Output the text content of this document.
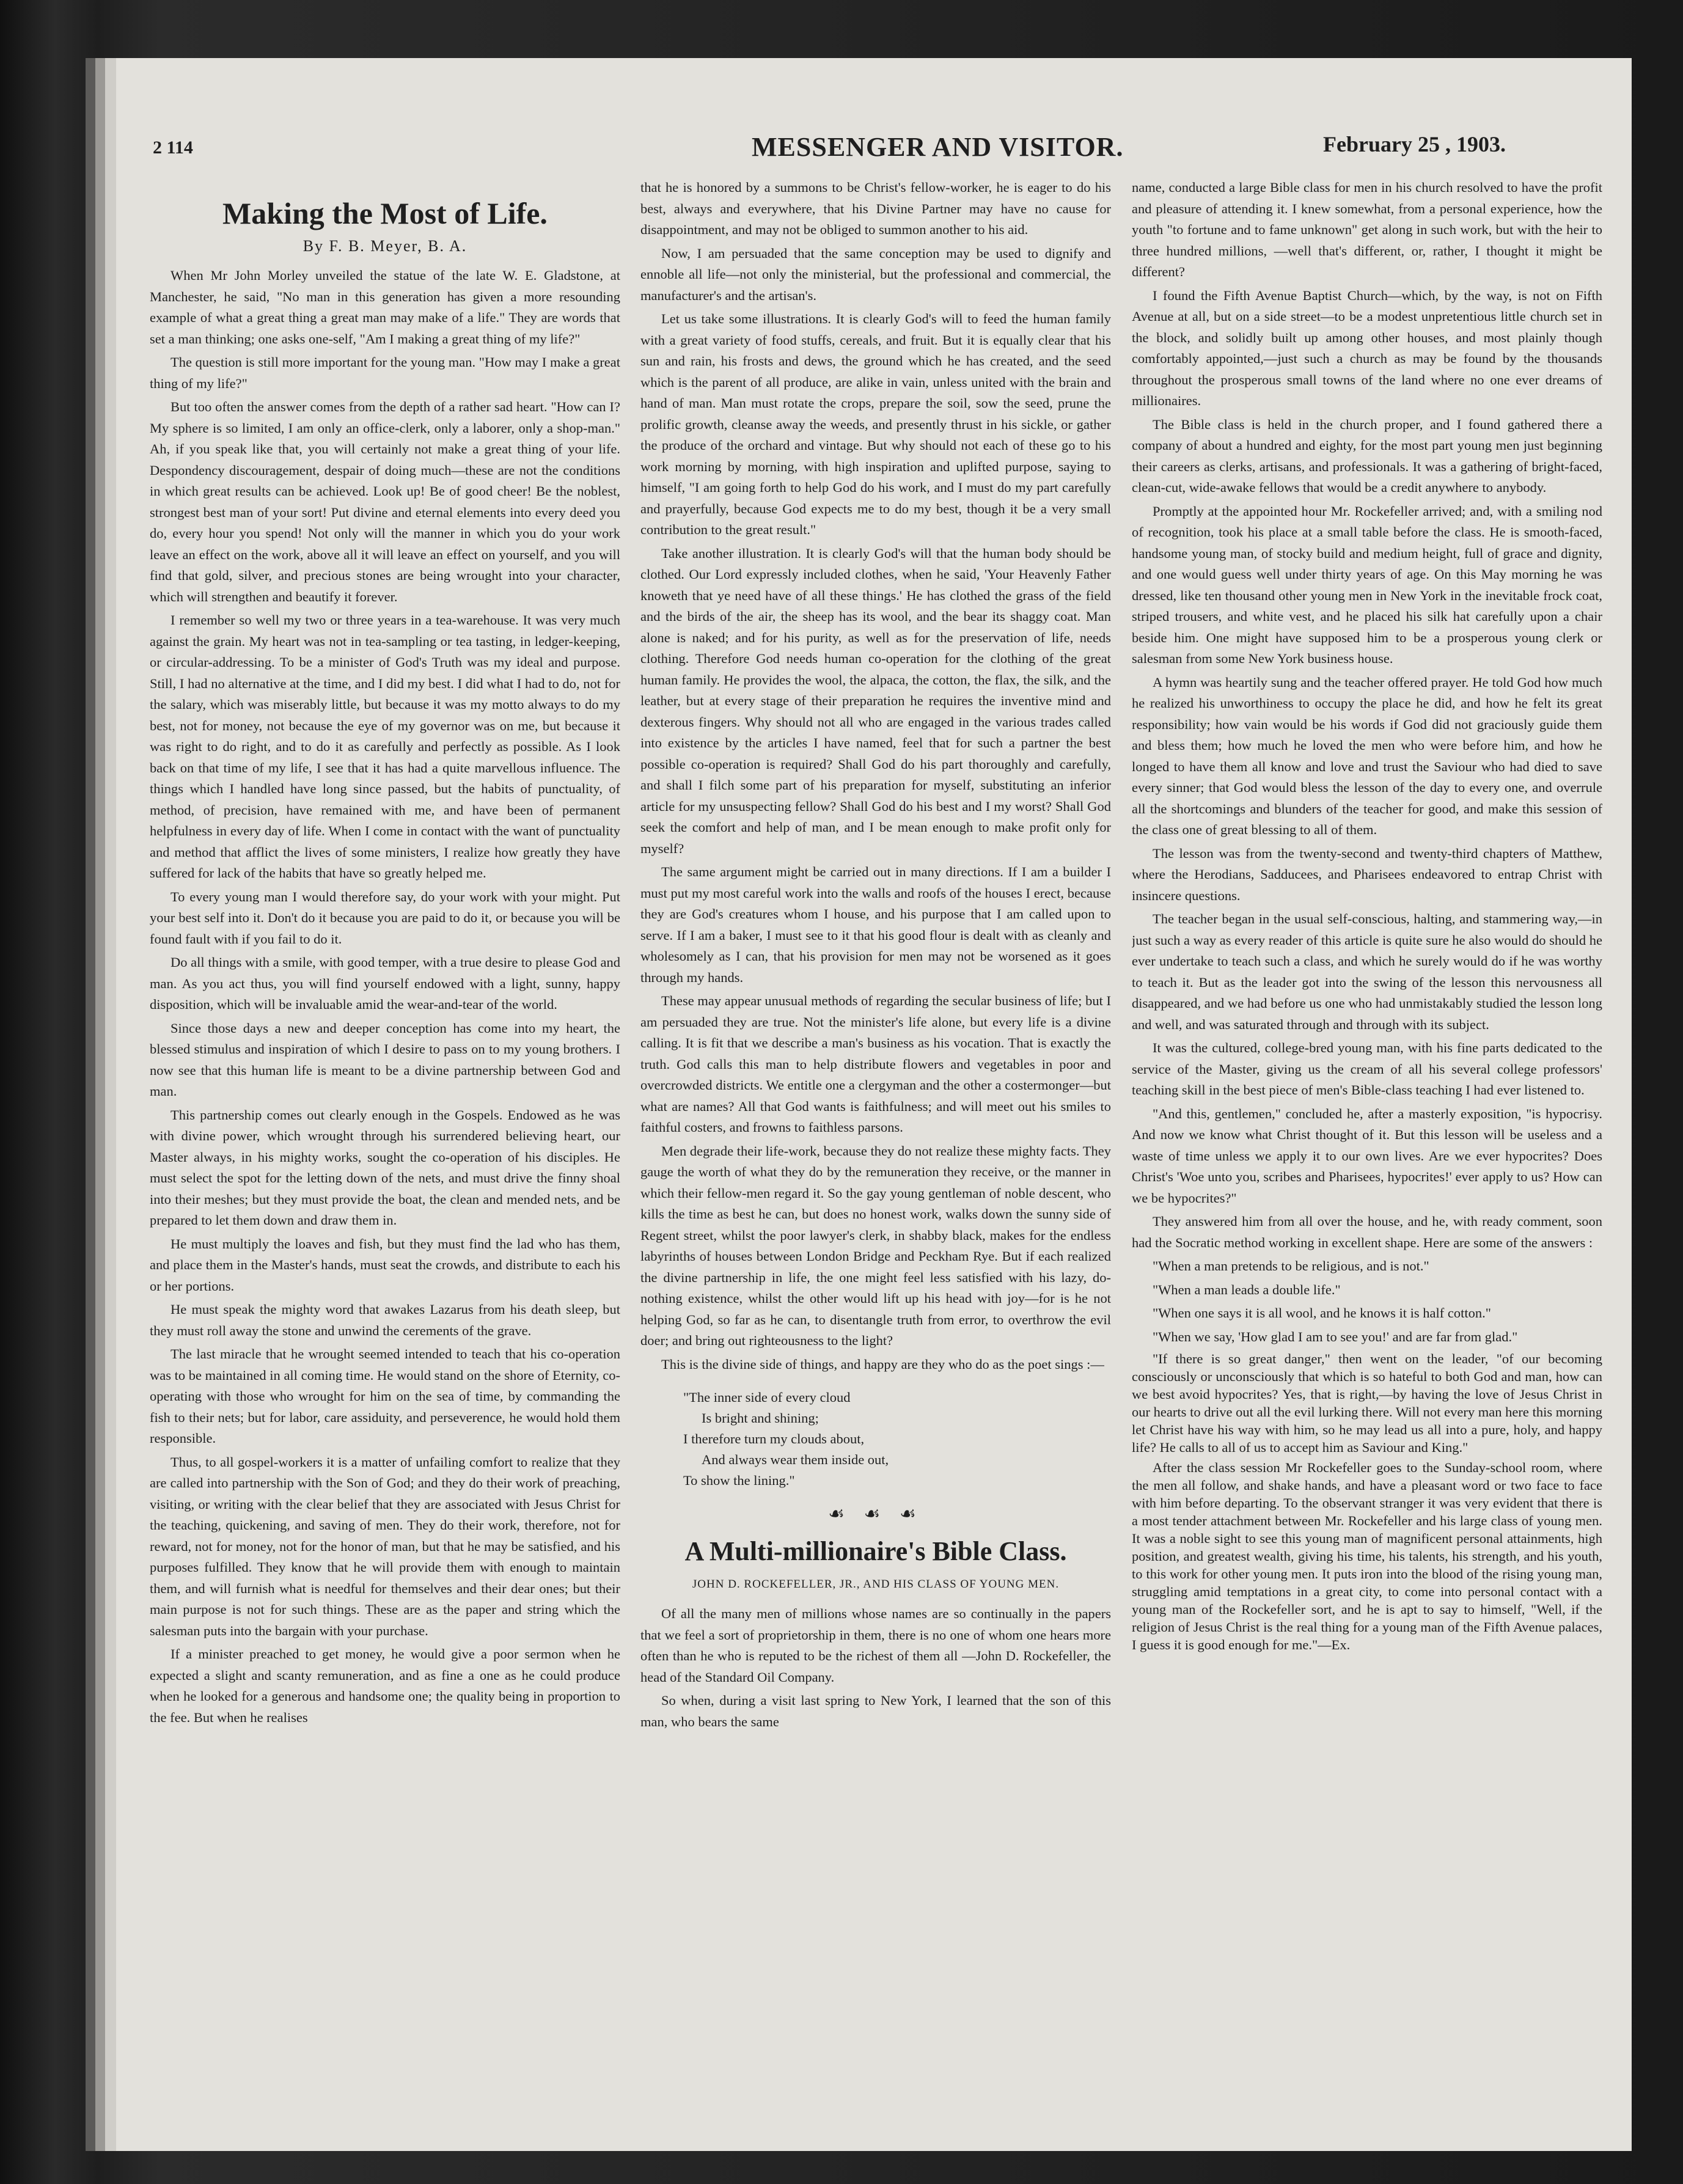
2 114	MESSENGER AND VISITOR.	February 25 , 1903.
Making the Most of Life.
By F. B. Meyer, B. A.

When Mr John Morley unveiled the statue of the late W. E. Gladstone, at Manchester, he said, "No man in this generation has given a more resounding example of what a great thing a great man may make of a life." They are words that set a man thinking; one asks one-self, "Am I making a great thing of my life?"

The question is still more important for the young man. "How may I make a great thing of my life?"

But too often the answer comes from the depth of a rather sad heart. "How can I? My sphere is so limited, I am only an office-clerk, only a laborer, only a shop-man." Ah, if you speak like that, you will certainly not make a great thing of your life. Despondency discouragement, despair of doing much—these are not the conditions in which great results can be achieved. Look up! Be of good cheer! Be the noblest, strongest best man of your sort! Put divine and eternal elements into every deed you do, every hour you spend! Not only will the manner in which you do your work leave an effect on the work, above all it will leave an effect on yourself, and you will find that gold, silver, and precious stones are being wrought into your character, which will strengthen and beautify it forever.

I remember so well my two or three years in a tea-warehouse. It was very much against the grain. My heart was not in tea-sampling or tea tasting, in ledger-keeping, or circular-addressing. To be a minister of God's Truth was my ideal and purpose. Still, I had no alternative at the time, and I did my best. I did what I had to do, not for the salary, which was miserably little, but because it was my motto always to do my best, not for money, not because the eye of my governor was on me, but because it was right to do right, and to do it as carefully and perfectly as possible. As I look back on that time of my life, I see that it has had a quite marvellous influence. The things which I handled have long since passed, but the habits of punctuality, of method, of precision, have remained with me, and have been of permanent helpfulness in every day of life. When I come in contact with the want of punctuality and method that afflict the lives of some ministers, I realize how greatly they have suffered for lack of the habits that have so greatly helped me.

To every young man I would therefore say, do your work with your might. Put your best self into it. Don't do it because you are paid to do it, or because you will be found fault with if you fail to do it.

Do all things with a smile, with good temper, with a true desire to please God and man. As you act thus, you will find yourself endowed with a light, sunny, happy disposition, which will be invaluable amid the wear-and-tear of the world.

Since those days a new and deeper conception has come into my heart, the blessed stimulus and inspiration of which I desire to pass on to my young brothers. I now see that this human life is meant to be a divine partnership between God and man.

This partnership comes out clearly enough in the Gospels. Endowed as he was with divine power, which wrought through his surrendered believing heart, our Master always, in his mighty works, sought the co-operation of his disciples. He must select the spot for the letting down of the nets, and must drive the finny shoal into their meshes; but they must provide the boat, the clean and mended nets, and be prepared to let them down and draw them in.

He must multiply the loaves and fish, but they must find the lad who has them, and place them in the Master's hands, must seat the crowds, and distribute to each his or her portions.

He must speak the mighty word that awakes Lazarus from his death sleep, but they must roll away the stone and unwind the cerements of the grave.

The last miracle that he wrought seemed intended to teach that his co-operation was to be maintained in all coming time. He would stand on the shore of Eternity, co-operating with those who wrought for him on the sea of time, by commanding the fish to their nets; but for labor, care assiduity, and perseverence, he would hold them responsible.

Thus, to all gospel-workers it is a matter of unfailing comfort to realize that they are called into partnership with the Son of God; and they do their work of preaching, visiting, or writing with the clear belief that they are associated with Jesus Christ for the teaching, quickening, and saving of men. They do their work, therefore, not for reward, not for money, not for the honor of man, but that he may be satisfied, and his purposes fulfilled. They know that he will provide them with enough to maintain them, and will furnish what is needful for themselves and their dear ones; but their main purpose is not for such things. These are as the paper and string which the salesman puts into the bargain with your purchase.

If a minister preached to get money, he would give a poor sermon when he expected a slight and scanty remuneration, and as fine a one as he could produce when he looked for a generous and handsome one; the quality being in proportion to the fee. But when he realises

that he is honored by a summons to be Christ's fellow-worker, he is eager to do his best, always and everywhere, that his Divine Partner may have no cause for disappointment, and may not be obliged to summon another to his aid.

Now, I am persuaded that the same conception may be used to dignify and ennoble all life—not only the ministerial, but the professional and commercial, the manufacturer's and the artisan's.

Let us take some illustrations. It is clearly God's will to feed the human family with a great variety of food stuffs, cereals, and fruit. But it is equally clear that his sun and rain, his frosts and dews, the ground which he has created, and the seed which is the parent of all produce, are alike in vain, unless united with the brain and hand of man. Man must rotate the crops, prepare the soil, sow the seed, prune the prolific growth, cleanse away the weeds, and presently thrust in his sickle, or gather the produce of the orchard and vintage. But why should not each of these go to his work morning by morning, with high inspiration and uplifted purpose, saying to himself, "I am going forth to help God do his work, and I must do my part carefully and prayerfully, because God expects me to do my best, though it be a very small contribution to the great result."

Take another illustration. It is clearly God's will that the human body should be clothed. Our Lord expressly included clothes, when he said, 'Your Heavenly Father knoweth that ye need have of all these things.' He has clothed the grass of the field and the birds of the air, the sheep has its wool, and the bear its shaggy coat. Man alone is naked; and for his purity, as well as for the preservation of life, needs clothing. Therefore God needs human co-operation for the clothing of the great human family. He provides the wool, the alpaca, the cotton, the flax, the silk, and the leather, but at every stage of their preparation he requires the inventive mind and dexterous fingers. Why should not all who are engaged in the various trades called into existence by the articles I have named, feel that for such a partner the best possible co-operation is required? Shall God do his part thoroughly and carefully, and shall I filch some part of his preparation for myself, substituting an inferior article for my unsuspecting fellow? Shall God do his best and I my worst? Shall God seek the comfort and help of man, and I be mean enough to make profit only for myself?

The same argument might be carried out in many directions. If I am a builder I must put my most careful work into the walls and roofs of the houses I erect, because they are God's creatures whom I house, and his purpose that I am called upon to serve. If I am a baker, I must see to it that his good flour is dealt with as cleanly and wholesomely as I can, that his provision for men may not be worsened as it goes through my hands.

These may appear unusual methods of regarding the secular business of life; but I am persuaded they are true. Not the minister's life alone, but every life is a divine calling. It is fit that we describe a man's business as his vocation. That is exactly the truth. God calls this man to help distribute flowers and vegetables in poor and overcrowded districts. We entitle one a clergyman and the other a costermonger—but what are names? All that God wants is faithfulness; and will meet out his smiles to faithful costers, and frowns to faithless parsons.

Men degrade their life-work, because they do not realize these mighty facts. They gauge the worth of what they do by the remuneration they receive, or the manner in which their fellow-men regard it. So the gay young gentleman of noble descent, who kills the time as best he can, but does no honest work, walks down the sunny side of Regent street, whilst the poor lawyer's clerk, in shabby black, makes for the endless labyrinths of houses between London Bridge and Peckham Rye. But if each realized the divine partnership in life, the one might feel less satisfied with his lazy, do-nothing existence, whilst the other would lift up his head with joy—for is he not helping God, so far as he can, to disentangle truth from error, to overthrow the evil doer; and bring out righteousness to the light?

This is the divine side of things, and happy are they who do as the poet sings :—

"The inner side of every cloud
Is bright and shining;
I therefore turn my clouds about,
And always wear them inside out,
To show the lining."
☙ ☙ ☙
A Multi-millionaire's Bible Class.
JOHN D. ROCKEFELLER, JR., AND HIS CLASS OF YOUNG MEN.

Of all the many men of millions whose names are so continually in the papers that we feel a sort of proprietorship in them, there is no one of whom one hears more often than he who is reputed to be the richest of them all —John D. Rockefeller, the head of the Standard Oil Company.

So when, during a visit last spring to New York, I learned that the son of this man, who bears the same

name, conducted a large Bible class for men in his church resolved to have the profit and pleasure of attending it. I knew somewhat, from a personal experience, how the youth "to fortune and to fame unknown" get along in such work, but with the heir to three hundred millions, —well that's different, or, rather, I thought it might be different?

I found the Fifth Avenue Baptist Church—which, by the way, is not on Fifth Avenue at all, but on a side street—to be a modest unpretentious little church set in the block, and solidly built up among other houses, and most plainly though comfortably appointed,—just such a church as may be found by the thousands throughout the prosperous small towns of the land where no one ever dreams of millionaires.

The Bible class is held in the church proper, and I found gathered there a company of about a hundred and eighty, for the most part young men just beginning their careers as clerks, artisans, and professionals. It was a gathering of bright-faced, clean-cut, wide-awake fellows that would be a credit anywhere to anybody.

Promptly at the appointed hour Mr. Rockefeller arrived; and, with a smiling nod of recognition, took his place at a small table before the class. He is smooth-faced, handsome young man, of stocky build and medium height, full of grace and dignity, and one would guess well under thirty years of age. On this May morning he was dressed, like ten thousand other young men in New York in the inevitable frock coat, striped trousers, and white vest, and he placed his silk hat carefully upon a chair beside him. One might have supposed him to be a prosperous young clerk or salesman from some New York business house.

A hymn was heartily sung and the teacher offered prayer. He told God how much he realized his unworthiness to occupy the place he did, and how he felt its great responsibility; how vain would be his words if God did not graciously guide them and bless them; how much he loved the men who were before him, and how he longed to have them all know and love and trust the Saviour who had died to save every sinner; that God would bless the lesson of the day to every one, and overrule all the shortcomings and blunders of the teacher for good, and make this session of the class one of great blessing to all of them.

The lesson was from the twenty-second and twenty-third chapters of Matthew, where the Herodians, Sadducees, and Pharisees endeavored to entrap Christ with insincere questions.

The teacher began in the usual self-conscious, halting, and stammering way,—in just such a way as every reader of this article is quite sure he also would do should he ever undertake to teach such a class, and which he surely would do if he was worthy to teach it. But as the leader got into the swing of the lesson this nervousness all disappeared, and we had before us one who had unmistakably studied the lesson long and well, and was saturated through and through with its subject.

It was the cultured, college-bred young man, with his fine parts dedicated to the service of the Master, giving us the cream of all his several college professors' teaching skill in the best piece of men's Bible-class teaching I had ever listened to.

"And this, gentlemen," concluded he, after a masterly exposition, "is hypocrisy. And now we know what Christ thought of it. But this lesson will be useless and a waste of time unless we apply it to our own lives. Are we ever hypocrites? Does Christ's 'Woe unto you, scribes and Pharisees, hypocrites!' ever apply to us? How can we be hypocrites?"

They answered him from all over the house, and he, with ready comment, soon had the Socratic method working in excellent shape. Here are some of the answers :

"When a man pretends to be religious, and is not."

"When a man leads a double life."

"When one says it is all wool, and he knows it is half cotton."

"When we say, 'How glad I am to see you!' and are far from glad."

"If there is so great danger," then went on the leader, "of our becoming consciously or unconsciously that which is so hateful to both God and man, how can we best avoid hypocrites? Yes, that is right,—by having the love of Jesus Christ in our hearts to drive out all the evil lurking there. Will not every man here this morning let Christ have his way with him, so he may lead us all into a pure, holy, and happy life? He calls to all of us to accept him as Saviour and King."

After the class session Mr Rockefeller goes to the Sunday-school room, where the men all follow, and shake hands, and have a pleasant word or two face to face with him before departing. To the observant stranger it was very evident that there is a most tender attachment between Mr. Rockefeller and his large class of young men. It was a noble sight to see this young man of magnificent personal attainments, high position, and greatest wealth, giving his time, his talents, his strength, and his youth, to this work for other young men. It puts iron into the blood of the rising young man, struggling amid temptations in a great city, to come into personal contact with a young man of the Rockefeller sort, and he is apt to say to himself, "Well, if the religion of Jesus Christ is the real thing for a young man of the Fifth Avenue palaces, I guess it is good enough for me."—Ex.
